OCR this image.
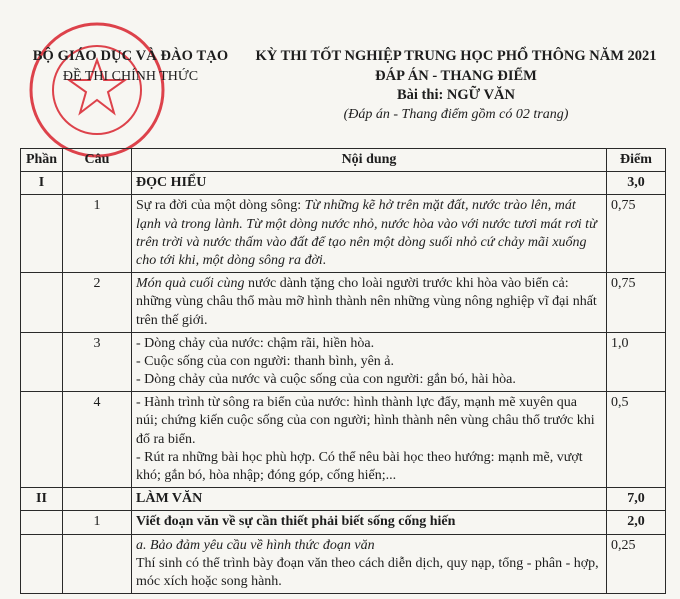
BỘ GIÁO DỤC VÀ ĐÀO TẠO
ĐỀ THI CHÍNH THỨC
KỲ THI TỐT NGHIỆP TRUNG HỌC PHỔ THÔNG NĂM 2021
ĐÁP ÁN - THANG ĐIỂM
Bài thi: NGỮ VĂN
(Đáp án - Thang điểm gồm có 02 trang)
Phần	Câu	Nội dung	Điểm
I		ĐỌC HIỂU	3,0
	1	Sự ra đời của một dòng sông: Từ những kẽ hở trên mặt đất, nước trào lên, mát lạnh và trong lành. Từ một dòng nước nhỏ, nước hòa vào với nước tươi mát rơi từ trên trời và nước thấm vào đất để tạo nên một dòng suối nhỏ cứ chảy mãi xuống cho tới khi, một dòng sông ra đời.	0,75
	2	Món quà cuối cùng nước dành tặng cho loài người trước khi hòa vào biển cả: những vùng châu thổ màu mỡ hình thành nên những vùng nông nghiệp vĩ đại nhất trên thế giới.	0,75
	3	- Dòng chảy của nước: chậm rãi, hiền hòa.
- Cuộc sống của con người: thanh bình, yên ả.
- Dòng chảy của nước và cuộc sống của con người: gắn bó, hài hòa.	1,0
	4	- Hành trình từ sông ra biển của nước: hình thành lực đẩy, mạnh mẽ xuyên qua núi; chứng kiến cuộc sống của con người; hình thành nên vùng châu thổ trước khi đổ ra biển.
- Rút ra những bài học phù hợp. Có thể nêu bài học theo hướng: mạnh mẽ, vượt khó; gắn bó, hòa nhập; đóng góp, cống hiến;...	0,5
II		LÀM VĂN	7,0
	1	Viết đoạn văn về sự cần thiết phải biết sống cống hiến	2,0

		a. Bảo đảm yêu cầu về hình thức đoạn văn
Thí sinh có thể trình bày đoạn văn theo cách diễn dịch, quy nạp, tổng - phân - hợp, móc xích hoặc song hành.	0,25
